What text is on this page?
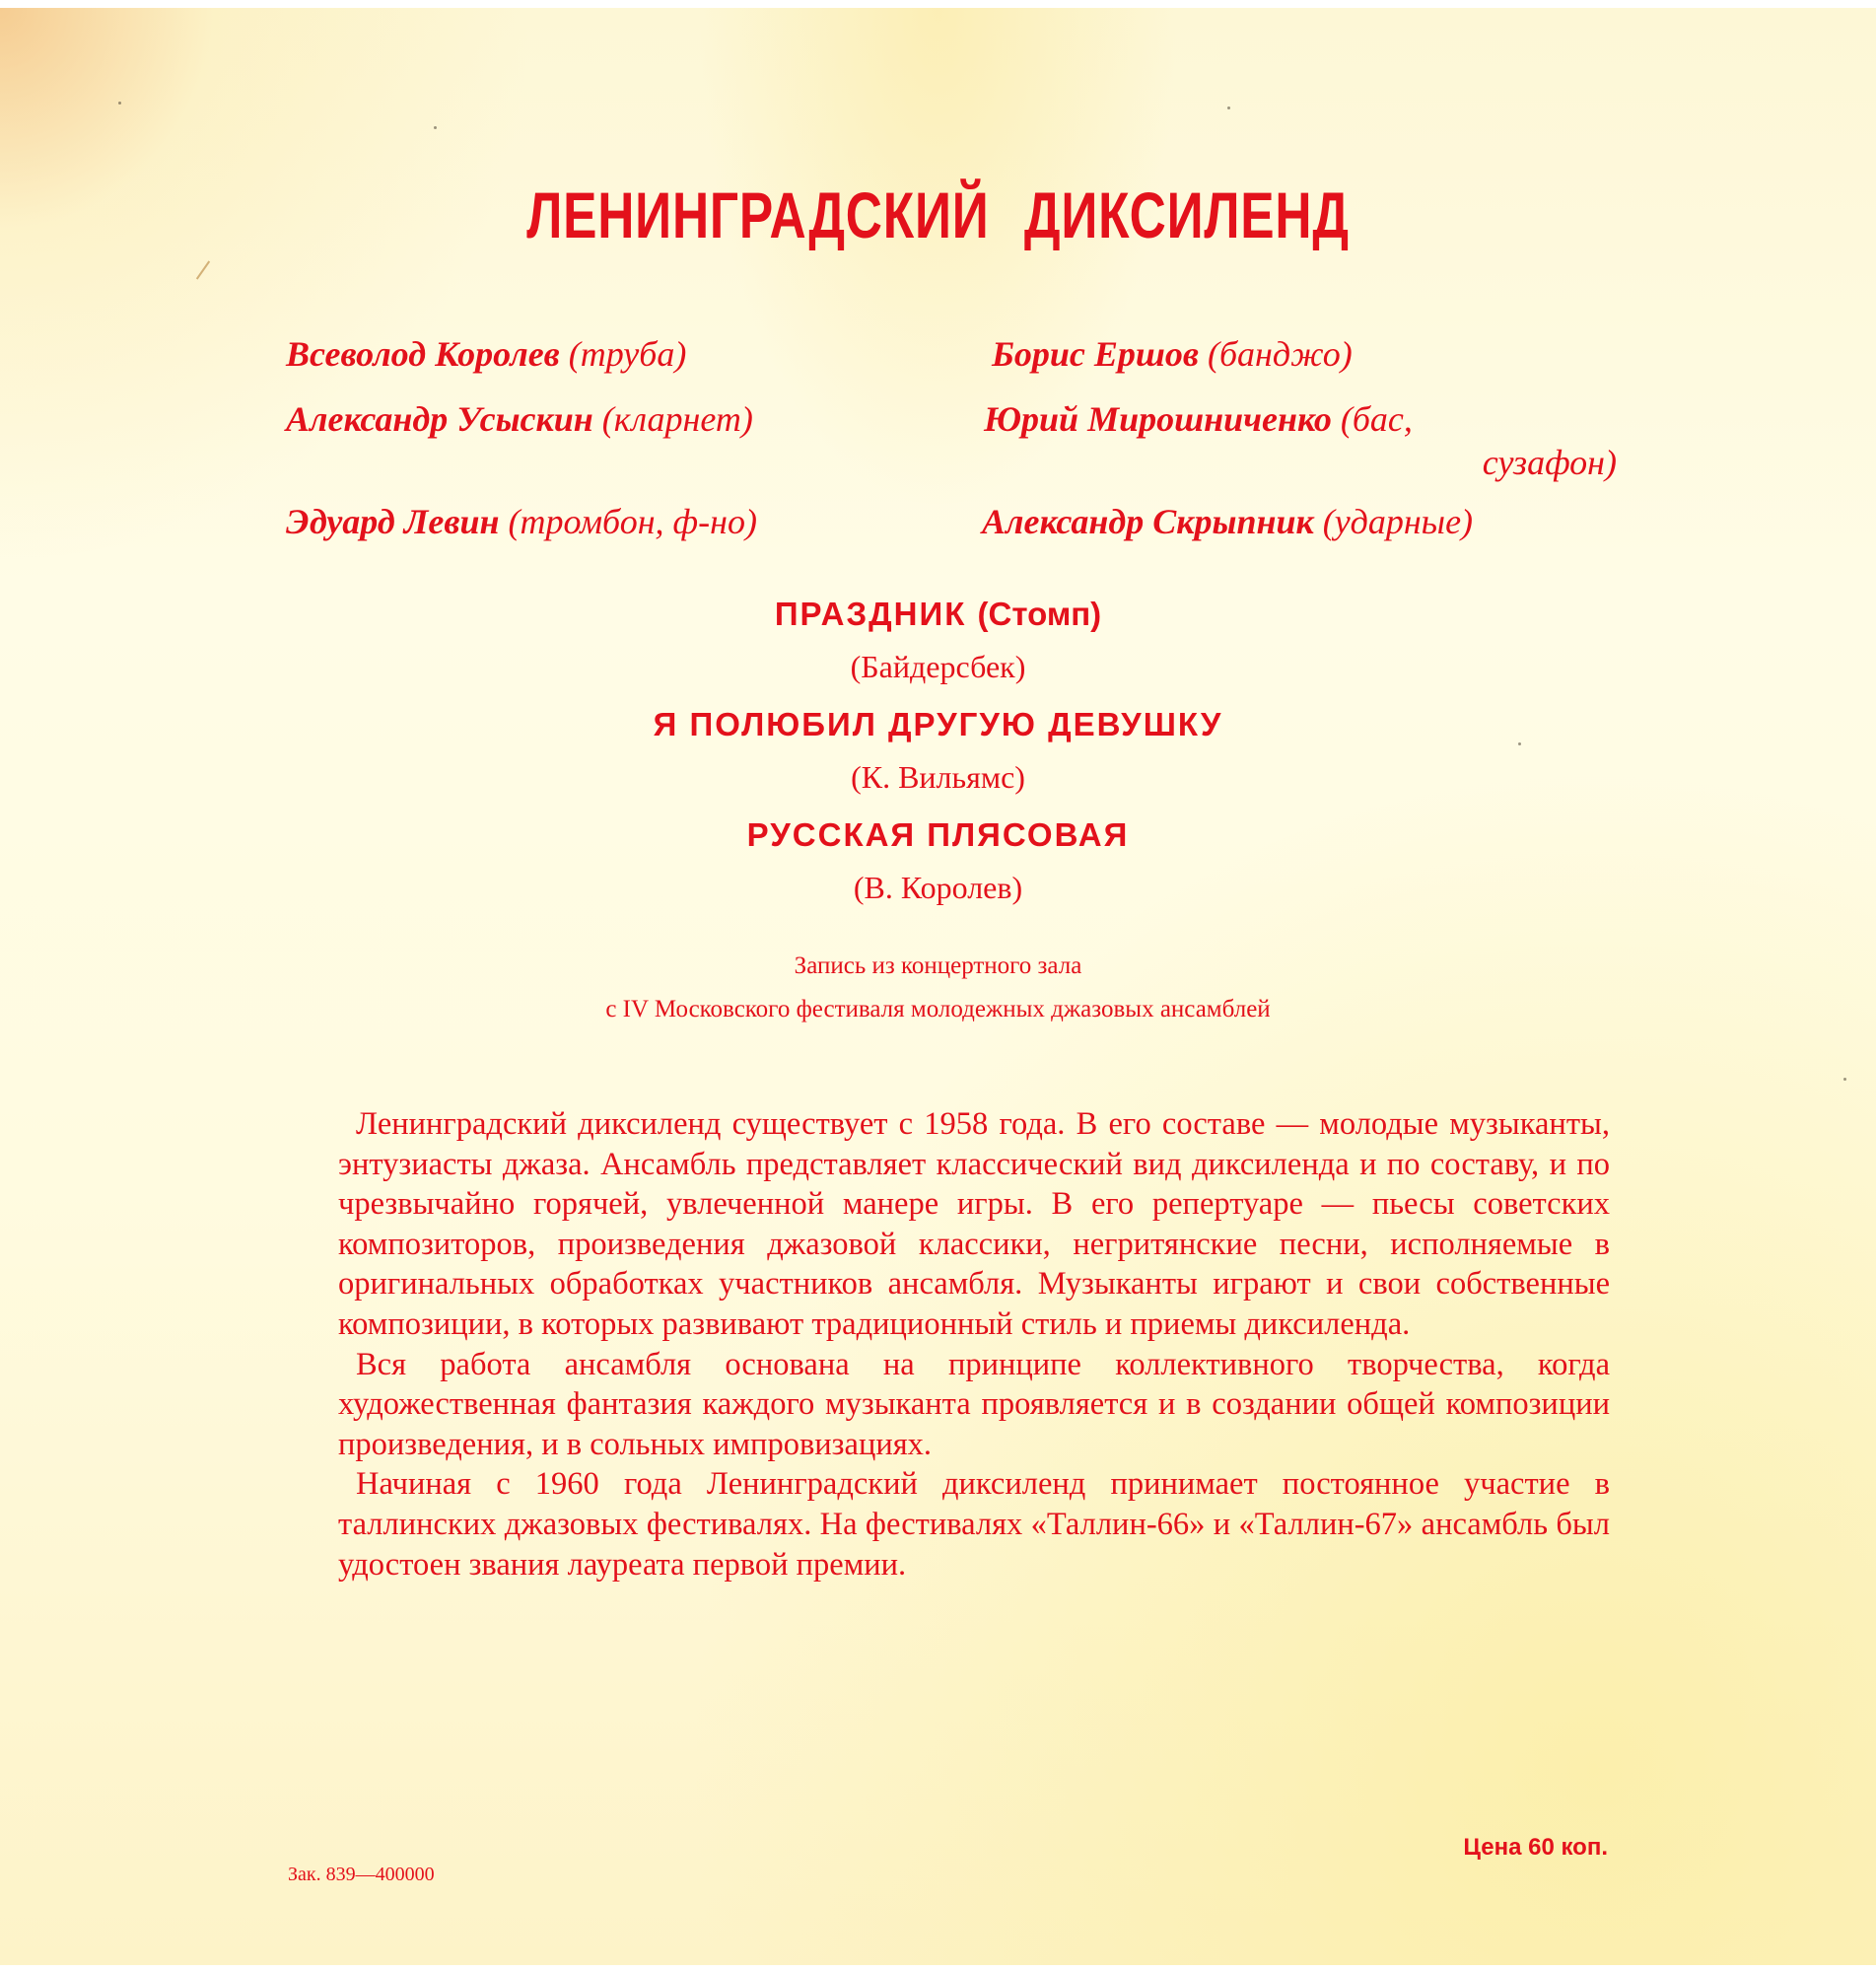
ЛЕНИНГРАДСКИЙ ДИКСИЛЕНД
Всеволод Королев (труба)	Борис Ершов (банджо)
Александр Усыскин (кларнет)	Юрий Мирошниченко (бас,
сузафон)
Эдуард Левин (тромбон, ф-но)	Александр Скрыпник (ударные)
ПРАЗДНИК (Стомп)
(Байдерсбек)
Я ПОЛЮБИЛ ДРУГУЮ ДЕВУШКУ
(К. Вильямс)
РУССКАЯ ПЛЯСОВАЯ
(В. Королев)
Запись из концертного зала
с IV Московского фестиваля молодежных джазовых ансамблей

Ленинградский диксиленд существует с 1958 года. В его составе — молодые музыканты, энтузиасты джаза. Ансамбль представляет классический вид диксиленда и по составу, и по чрезвычайно горячей, увлеченной манере игры. В его репертуаре — пьесы советских композиторов, произведения джазовой классики, негритянские песни, исполняемые в оригинальных обработках участников ансамбля. Музыканты играют и свои собственные композиции, в которых развивают традиционный стиль и приемы диксиленда.

Вся работа ансамбля основана на принципе коллективного творчества, когда художественная фантазия каждого музыканта проявляется и в создании общей композиции произведения, и в сольных импровизациях.

Начиная с 1960 года Ленинградский диксиленд принимает постоянное участие в таллинских джазовых фестивалях. На фестивалях «Таллин-66» и «Таллин-67» ансамбль был удостоен звания лауреата первой премии.

Зак. 839—400000
Цена 60 коп.
